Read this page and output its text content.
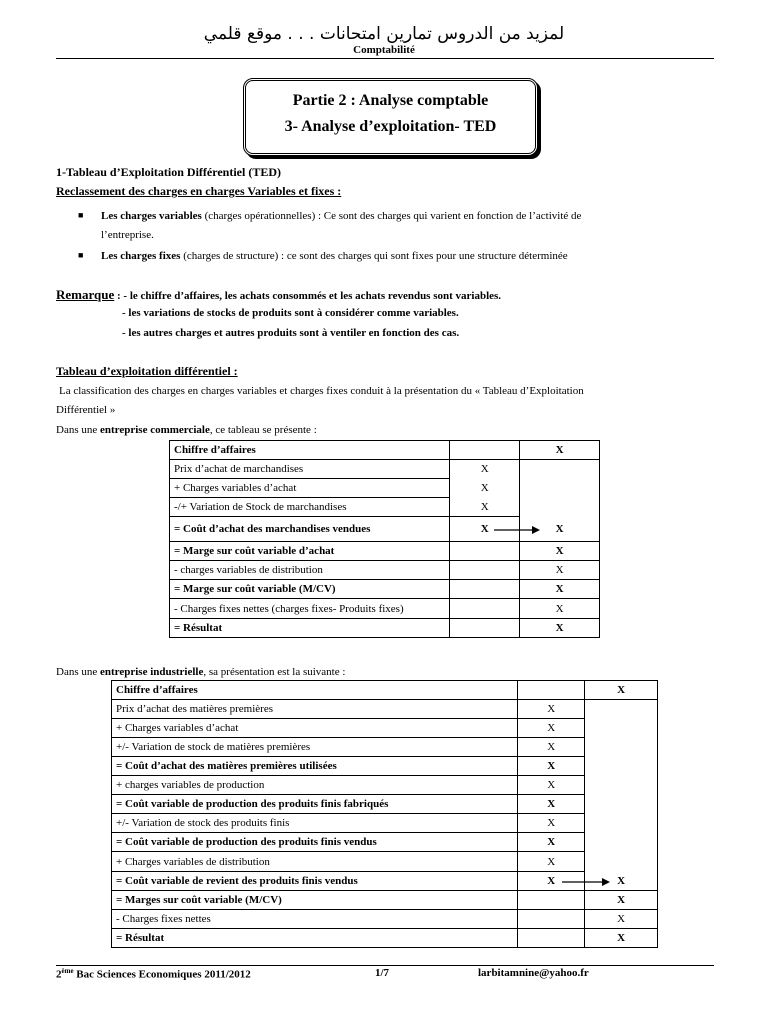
لمزيد من الدروس تمارين امتحانات . . . موقع قلمي
Comptabilité
Partie 2 : Analyse comptable
3- Analyse d’exploitation- TED
1-Tableau d’Exploitation Différentiel (TED)
Reclassement des charges en charges Variables et fixes :
■ Les charges variables (charges opérationnelles) : Ce sont des charges qui varient en fonction de l’activité de
l’entreprise.
■ Les charges fixes (charges de structure) : ce sont des charges qui sont fixes pour une structure déterminée
Remarque : - le chiffre d’affaires, les achats consommés et les achats revendus sont variables.
- les variations de stocks de produits sont à considérer comme variables.
- les autres charges et autres produits sont à ventiler en fonction des cas.
Tableau d’exploitation différentiel :
La classification des charges en charges variables et charges fixes conduit à la présentation du « Tableau d’Exploitation
Différentiel »
Dans une entreprise commerciale, ce tableau se présente :
Chiffre d’affaires		X
Prix d’achat de marchandises	X	
+ Charges variables d’achat	X	
-/+ Variation de Stock de marchandises	X	
= Coût d’achat des marchandises vendues	X	X
= Marge sur coût variable d’achat		X
- charges variables de distribution		X
= Marge sur coût variable (M/CV)		X
- Charges fixes nettes (charges fixes- Produits fixes)		X
= Résultat		X
Dans une entreprise industrielle, sa présentation est la suivante :
Chiffre d’affaires		X
Prix d’achat des matières premières	X	
+ Charges variables d’achat	X	
+/- Variation de stock de matières premières	X	
= Coût d’achat des matières premières utilisées	X	
+ charges variables de production	X	
= Coût variable de production des produits finis fabriqués	X	
+/- Variation de stock des produits finis	X	
= Coût variable de production des produits finis vendus	X	
+ Charges variables de distribution	X	
= Coût variable de revient des produits finis vendus	X	X
= Marges sur coût variable (M/CV)		X
- Charges fixes nettes		X
= Résultat		X
2ème Bac Sciences Economiques 2011/2012	1/7	larbitamnine@yahoo.fr
